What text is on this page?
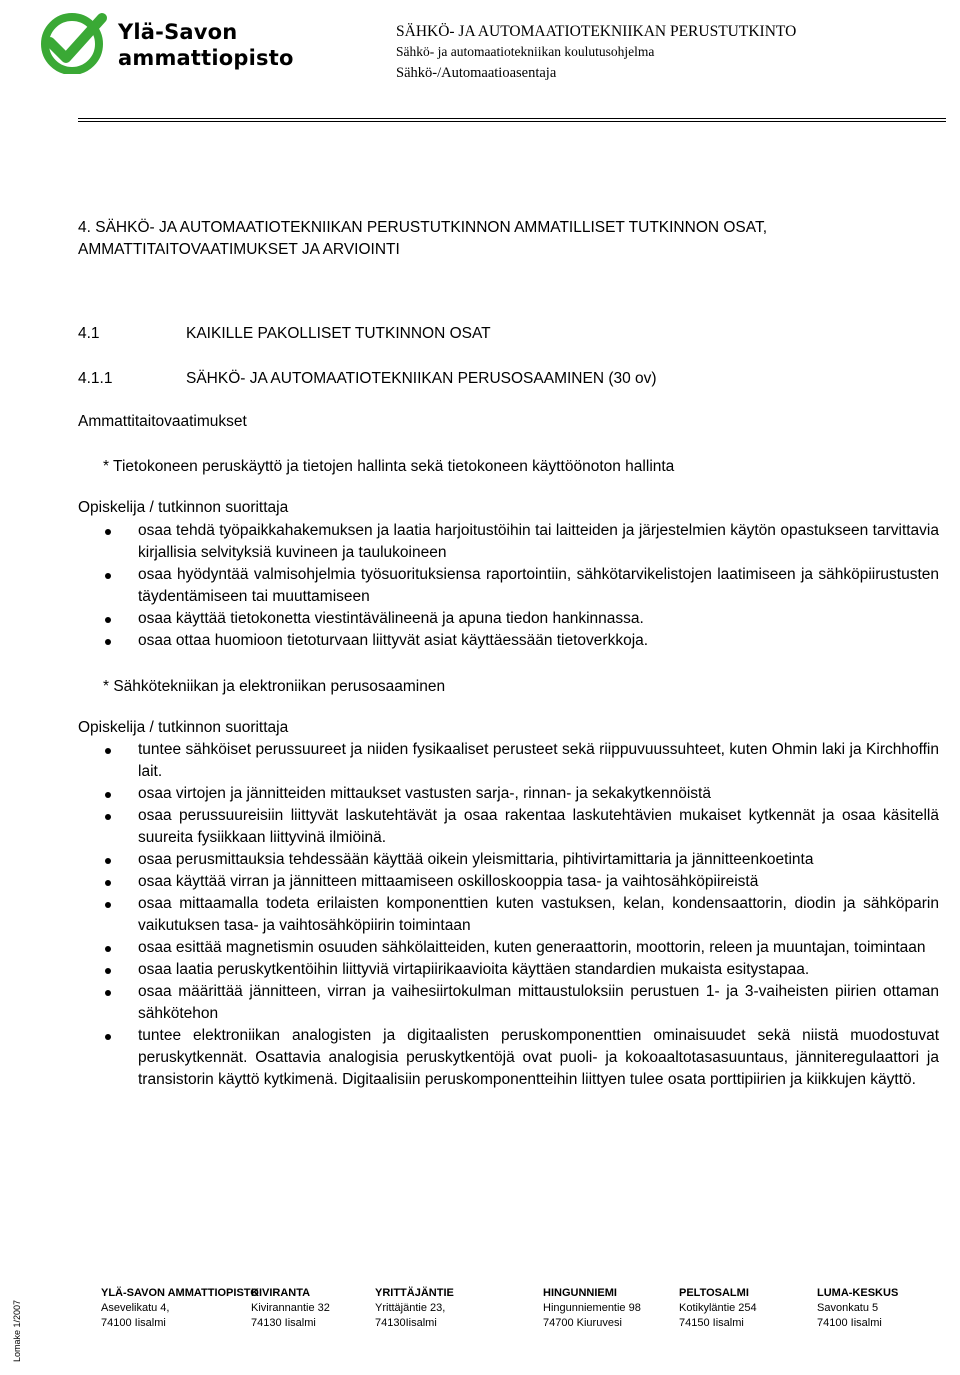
Ylä-Savon
ammattiopisto
SÄHKÖ- JA AUTOMAATIOTEKNIIKAN PERUSTUTKINTO
Sähkö- ja automaatiotekniikan koulutusohjelma
Sähkö-/Automaatioasentaja
4. SÄHKÖ- JA AUTOMAATIOTEKNIIKAN PERUSTUTKINNON AMMATILLISET TUTKINNON OSAT,
AMMATTITAITOVAATIMUKSET JA ARVIOINTI
4.1	KAIKILLE PAKOLLISET TUTKINNON OSAT
4.1.1	SÄHKÖ- JA AUTOMAATIOTEKNIIKAN PERUSOSAAMINEN (30 ov)
Ammattitaitovaatimukset
* Tietokoneen peruskäyttö ja tietojen hallinta sekä tietokoneen käyttöönoton hallinta
Opiskelija / tutkinnon suorittaja
osaa tehdä työpaikkahakemuksen ja laatia harjoitustöihin tai laitteiden ja järjestelmien käytön opastukseen tarvittavia kirjallisia selvityksiä kuvineen ja taulukoineen
osaa hyödyntää valmisohjelmia työsuorituksiensa raportointiin, sähkötarvikelistojen laatimiseen ja sähköpiirustusten täydentämiseen tai muuttamiseen
osaa käyttää tietokonetta viestintävälineenä ja apuna tiedon hankinnassa.
osaa ottaa huomioon tietoturvaan liittyvät asiat käyttäessään tietoverkkoja.
* Sähkötekniikan ja elektroniikan perusosaaminen
Opiskelija / tutkinnon suorittaja
tuntee sähköiset perussuureet ja niiden fysikaaliset perusteet sekä riippuvuussuhteet, kuten Ohmin laki ja Kirchhoffin lait.
osaa virtojen ja jännitteiden mittaukset vastusten sarja-, rinnan- ja sekakytkennöistä
osaa perussuureisiin liittyvät laskutehtävät ja osaa rakentaa laskutehtävien mukaiset kytkennät ja osaa käsitellä suureita fysiikkaan liittyvinä ilmiöinä.
osaa perusmittauksia tehdessään käyttää oikein yleismittaria, pihtivirtamittaria ja jännitteenkoetinta
osaa käyttää virran ja jännitteen mittaamiseen oskilloskooppia tasa- ja vaihtosähköpiireistä
osaa mittaamalla todeta erilaisten komponenttien kuten vastuksen, kelan, kondensaattorin, diodin ja sähköparin vaikutuksen tasa- ja vaihtosähköpiirin toimintaan
osaa esittää magnetismin osuuden sähkölaitteiden, kuten generaattorin, moottorin, releen ja muuntajan, toimintaan
osaa laatia peruskytkentöihin liittyviä virtapiirikaavioita käyttäen standardien mukaista esitystapaa.
osaa määrittää jännitteen, virran ja vaihesiirtokulman mittaustuloksiin perustuen 1- ja 3-vaiheisten piirien ottaman sähkötehon
tuntee elektroniikan analogisten ja digitaalisten peruskomponenttien ominaisuudet sekä niistä muodostuvat peruskytkennät. Osattavia analogisia peruskytkentöjä ovat puoli- ja kokoaaltotasasuuntaus, jänniteregulaattori ja transistorin käyttö kytkimenä. Digitaalisiin peruskomponentteihin liittyen tulee osata porttipiirien ja kiikkujen käyttö.
Lomake 1/2007
YLÄ-SAVON AMMATTIOPISTO
Asevelikatu 4,
74100 Iisalmi
KIVIRANTA
Kivirannantie 32
74130 Iisalmi
YRITTÄJÄNTIE
Yrittäjäntie 23,
74130Iisalmi
HINGUNNIEMI
Hingunniementie 98
74700 Kiuruvesi
PELTOSALMI
Kotikyläntie 254
74150 Iisalmi
LUMA-KESKUS
Savonkatu 5
74100 Iisalmi
